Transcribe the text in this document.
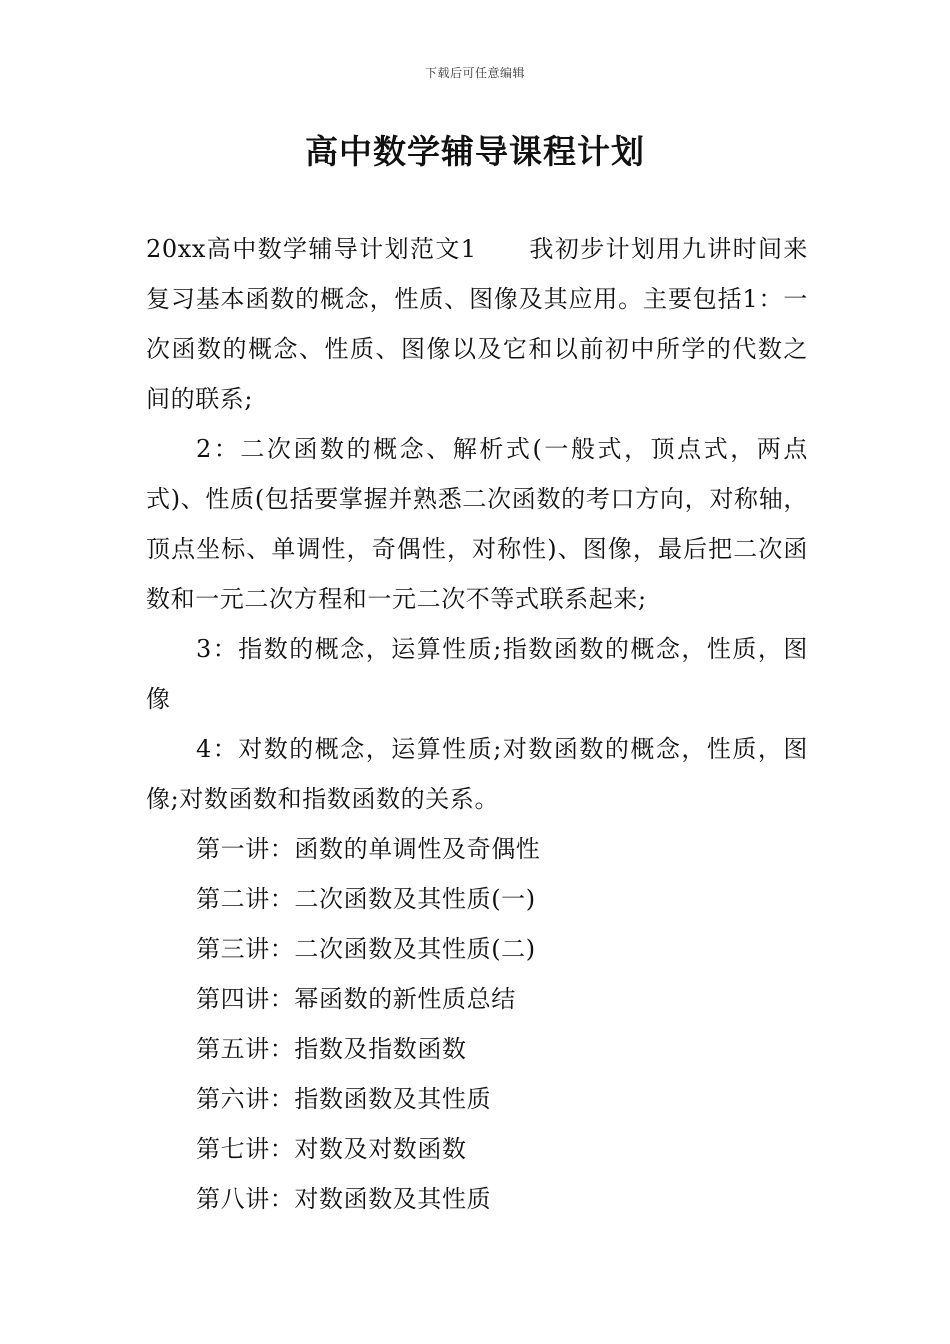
下载后可任意编辑
高中数学辅导课程计划

20xx高中数学辅导计划范文1 我初步计划用九讲时间来复习基本函数的概念，性质、图像及其应用。主要包括1：一次函数的概念、性质、图像以及它和以前初中所学的代数之间的联系;

2：二次函数的概念、解析式(一般式，顶点式，两点式)、性质(包括要掌握并熟悉二次函数的考口方向，对称轴，顶点坐标、单调性，奇偶性，对称性)、图像，最后把二次函数和一元二次方程和一元二次不等式联系起来;

3：指数的概念，运算性质;指数函数的概念，性质，图像

4：对数的概念，运算性质;对数函数的概念，性质，图像;对数函数和指数函数的关系。

第一讲：函数的单调性及奇偶性

第二讲：二次函数及其性质(一)

第三讲：二次函数及其性质(二)

第四讲：幂函数的新性质总结

第五讲：指数及指数函数

第六讲：指数函数及其性质

第七讲：对数及对数函数

第八讲：对数函数及其性质
